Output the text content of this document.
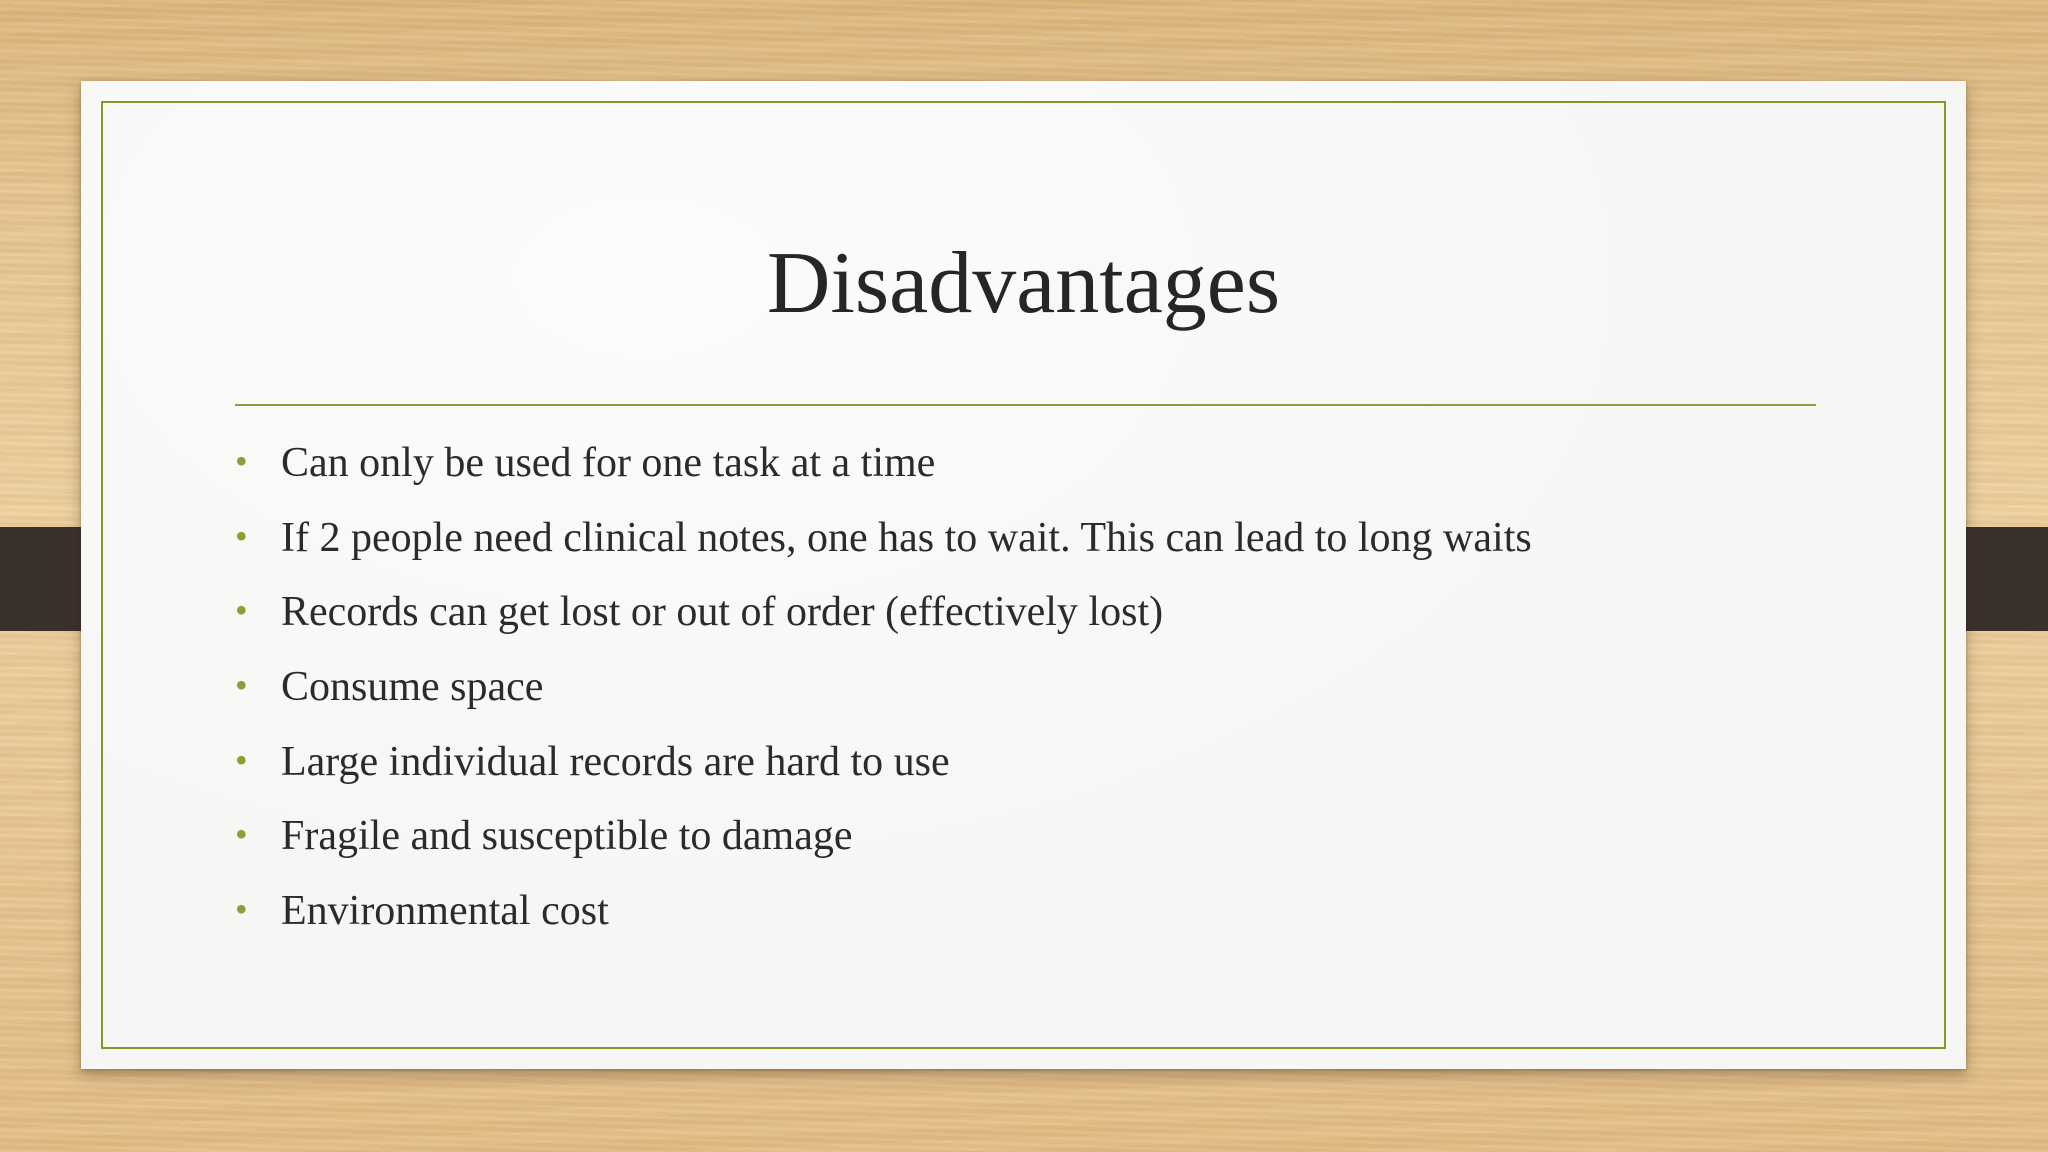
Disadvantages
• Can only be used for one task at a time
• If 2 people need clinical notes, one has to wait. This can lead to long waits
• Records can get lost or out of order (effectively lost)
• Consume space
• Large individual records are hard to use
• Fragile and susceptible to damage
• Environmental cost
